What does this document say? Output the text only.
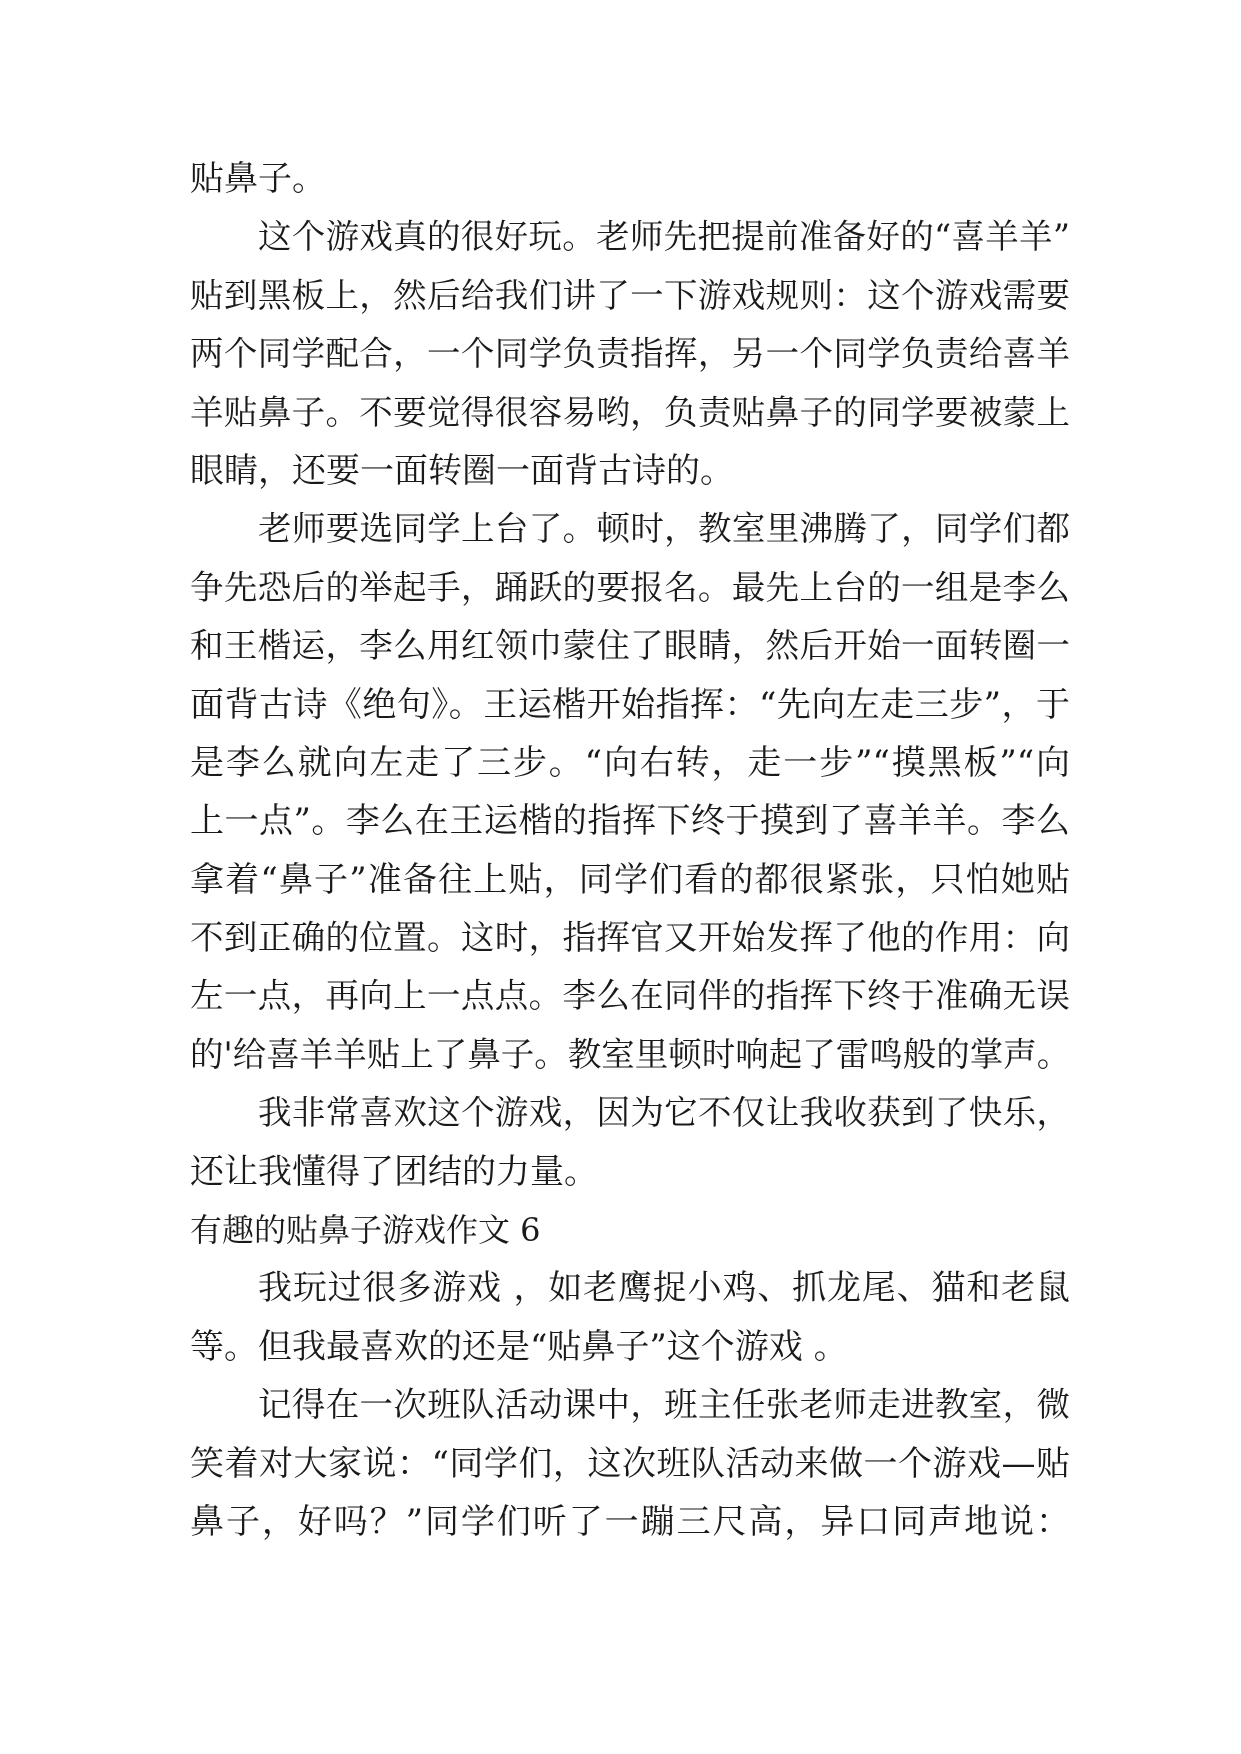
贴鼻子。
这个游戏真的很好玩。老师先把提前准备好的“喜羊羊”
贴到黑板上，然后给我们讲了一下游戏规则：这个游戏需要
两个同学配合，一个同学负责指挥，另一个同学负责给喜羊
羊贴鼻子。不要觉得很容易哟，负责贴鼻子的同学要被蒙上
眼睛，还要一面转圈一面背古诗的。
老师要选同学上台了。顿时，教室里沸腾了，同学们都
争先恐后的举起手，踊跃的要报名。最先上台的一组是李么
和王楷运，李么用红领巾蒙住了眼睛，然后开始一面转圈一
面背古诗《绝句》。王运楷开始指挥：“先向左走三步”，于
是李么就向左走了三步。“向右转，走一步”“摸黑板”“向
上一点”。李么在王运楷的指挥下终于摸到了喜羊羊。李么
拿着“鼻子”准备往上贴，同学们看的都很紧张，只怕她贴
不到正确的位置。这时，指挥官又开始发挥了他的作用：向
左一点，再向上一点点。李么在同伴的指挥下终于准确无误
的'给喜羊羊贴上了鼻子。教室里顿时响起了雷鸣般的掌声。
我非常喜欢这个游戏，因为它不仅让我收获到了快乐，
还让我懂得了团结的力量。
有趣的贴鼻子游戏作文 6
我玩过很多游戏 ，如老鹰捉小鸡、抓龙尾、猫和老鼠
等。但我最喜欢的还是“贴鼻子”这个游戏 。
记得在一次班队活动课中，班主任张老师走进教室，微
笑着对大家说：“同学们，这次班队活动来做一个游戏—贴
鼻子，好吗？”同学们听了一蹦三尺高，异口同声地说：
